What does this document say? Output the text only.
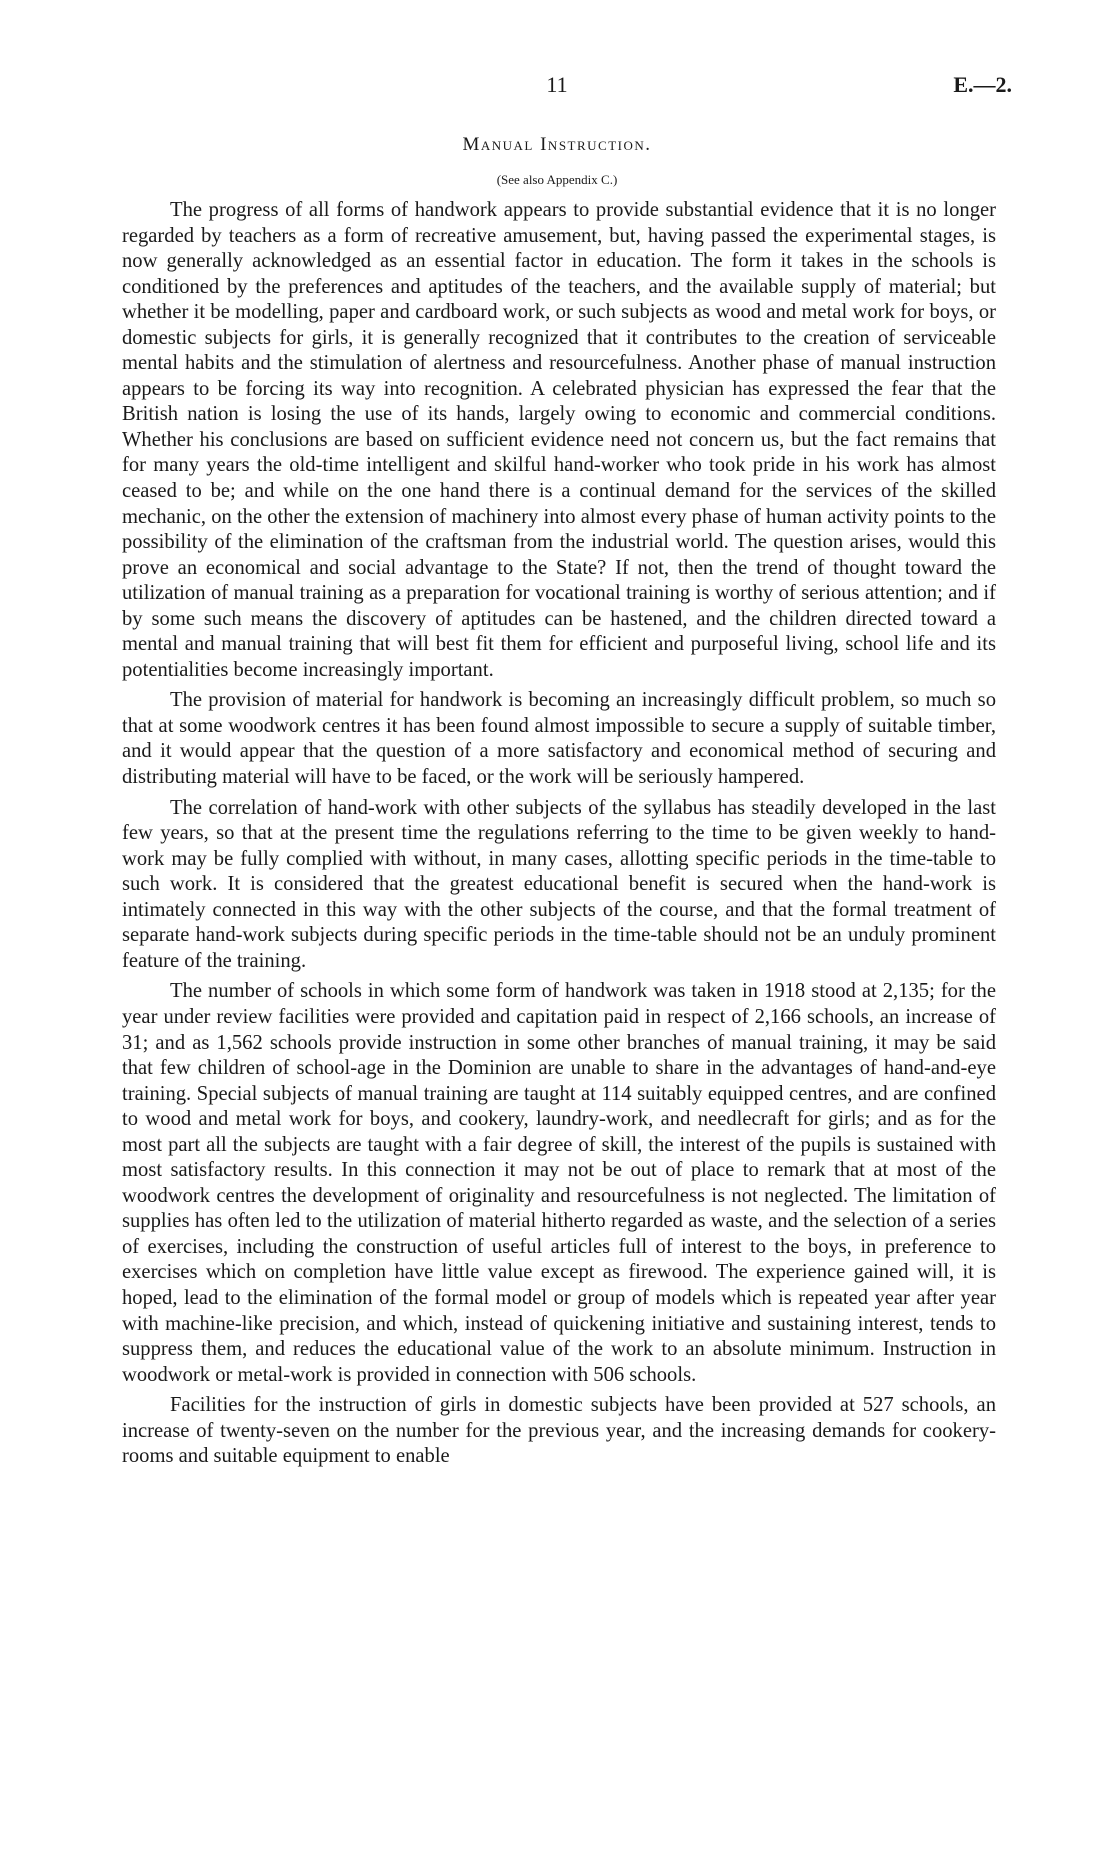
11	E.—2.
Manual Instruction.
(See also Appendix C.)

The progress of all forms of handwork appears to provide substantial evidence that it is no longer regarded by teachers as a form of recreative amusement, but, having passed the experimental stages, is now generally acknowledged as an essential factor in education. The form it takes in the schools is conditioned by the preferences and aptitudes of the teachers, and the available supply of material; but whether it be modelling, paper and cardboard work, or such subjects as wood and metal work for boys, or domestic subjects for girls, it is generally recognized that it contributes to the creation of serviceable mental habits and the stimulation of alertness and resourcefulness. Another phase of manual instruction appears to be forcing its way into recognition. A celebrated physician has expressed the fear that the British nation is losing the use of its hands, largely owing to economic and commercial conditions. Whether his conclusions are based on sufficient evidence need not concern us, but the fact remains that for many years the old-time intelligent and skilful hand-worker who took pride in his work has almost ceased to be; and while on the one hand there is a continual demand for the services of the skilled mechanic, on the other the extension of machinery into almost every phase of human activity points to the possibility of the elimination of the craftsman from the industrial world. The question arises, would this prove an economical and social advantage to the State? If not, then the trend of thought toward the utilization of manual training as a preparation for vocational training is worthy of serious attention; and if by some such means the discovery of aptitudes can be hastened, and the children directed toward a mental and manual training that will best fit them for efficient and purposeful living, school life and its potentialities become increasingly important.

The provision of material for handwork is becoming an increasingly difficult problem, so much so that at some woodwork centres it has been found almost impossible to secure a supply of suitable timber, and it would appear that the question of a more satisfactory and economical method of securing and distributing material will have to be faced, or the work will be seriously hampered.

The correlation of hand-work with other subjects of the syllabus has steadily developed in the last few years, so that at the present time the regulations referring to the time to be given weekly to hand-work may be fully complied with without, in many cases, allotting specific periods in the time-table to such work. It is considered that the greatest educational benefit is secured when the hand-work is intimately connected in this way with the other subjects of the course, and that the formal treatment of separate hand-work subjects during specific periods in the time-table should not be an unduly prominent feature of the training.

The number of schools in which some form of handwork was taken in 1918 stood at 2,135; for the year under review facilities were provided and capitation paid in respect of 2,166 schools, an increase of 31; and as 1,562 schools provide instruction in some other branches of manual training, it may be said that few children of school-age in the Dominion are unable to share in the advantages of hand-and-eye training. Special subjects of manual training are taught at 114 suitably equipped centres, and are confined to wood and metal work for boys, and cookery, laundry-work, and needlecraft for girls; and as for the most part all the subjects are taught with a fair degree of skill, the interest of the pupils is sustained with most satisfactory results. In this connection it may not be out of place to remark that at most of the woodwork centres the development of originality and resourcefulness is not neglected. The limitation of supplies has often led to the utilization of material hitherto regarded as waste, and the selection of a series of exercises, including the construction of useful articles full of interest to the boys, in preference to exercises which on completion have little value except as firewood. The experience gained will, it is hoped, lead to the elimination of the formal model or group of models which is repeated year after year with machine-like precision, and which, instead of quickening initiative and sustaining interest, tends to suppress them, and reduces the educational value of the work to an absolute minimum. Instruction in woodwork or metal-work is provided in connection with 506 schools.

Facilities for the instruction of girls in domestic subjects have been provided at 527 schools, an increase of twenty-seven on the number for the previous year, and the increasing demands for cookery-rooms and suitable equipment to enable
